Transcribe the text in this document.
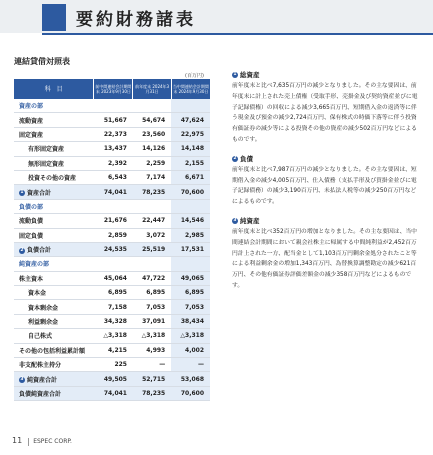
要約財務諸表
連結貸借対照表
(百万円)
科　目	前中間連結会計期間末 2023年9月30日	前年度末 2024年3月31日	当中間連結会計期間末 2024年9月30日
資産の部			
流動資産	51,667	54,674	47,624
固定資産	22,373	23,560	22,975
有形固定資産	13,437	14,126	14,148
無形固定資産	2,392	2,259	2,155
投資その他の資産	6,543	7,174	6,671
1 資産合計	74,041	78,235	70,600
負債の部			
流動負債	21,676	22,447	14,546
固定負債	2,859	3,072	2,985
2 負債合計	24,535	25,519	17,531
純資産の部			
株主資本	45,064	47,722	49,065
資本金	6,895	6,895	6,895
資本剰余金	7,158	7,053	7,053
利益剰余金	34,328	37,091	38,434
自己株式	△3,318	△3,318	△3,318
その他の包括利益累計額	4,215	4,993	4,002
非支配株主持分	225	—	—
3 純資産合計	49,505	52,715	53,068
負債純資産合計	74,041	78,235	70,600
1 総資産
前年度末と比べ7,635百万円の減少となりました。その主な要因は、前年度末に計上された売上債権（受取手形、売掛金及び契約資産並びに電子記録債権）の回収による減少3,665百万円、短期借入金の返済等に伴う現金及び預金の減少2,724百万円、保有株式の時価下落等に伴う投資有価証券の減少等による投資その他の資産の減少502百万円などによるものです。
2 負債
前年度末と比べ7,987百万円の減少となりました。その主な要因は、短期借入金の減少4,005百万円、仕入債務（支払手形及び買掛金並びに電子記録債務）の減少3,190百万円、未払法人税等の減少250百万円などによるものです。
3 純資産
前年度末と比べ352百万円の増加となりました。その主な要因は、当中間連結会計期間において親会社株主に帰属する中間純利益が2,452百万円計上された一方、配当金として1,103百万円剰余金処分されたこと等による利益剰余金の増加1,343百万円、為替換算調整勘定の減少621百万円、その他有価証券評価差額金の減少358百万円などによるものです。
11 ESPEC CORP.
